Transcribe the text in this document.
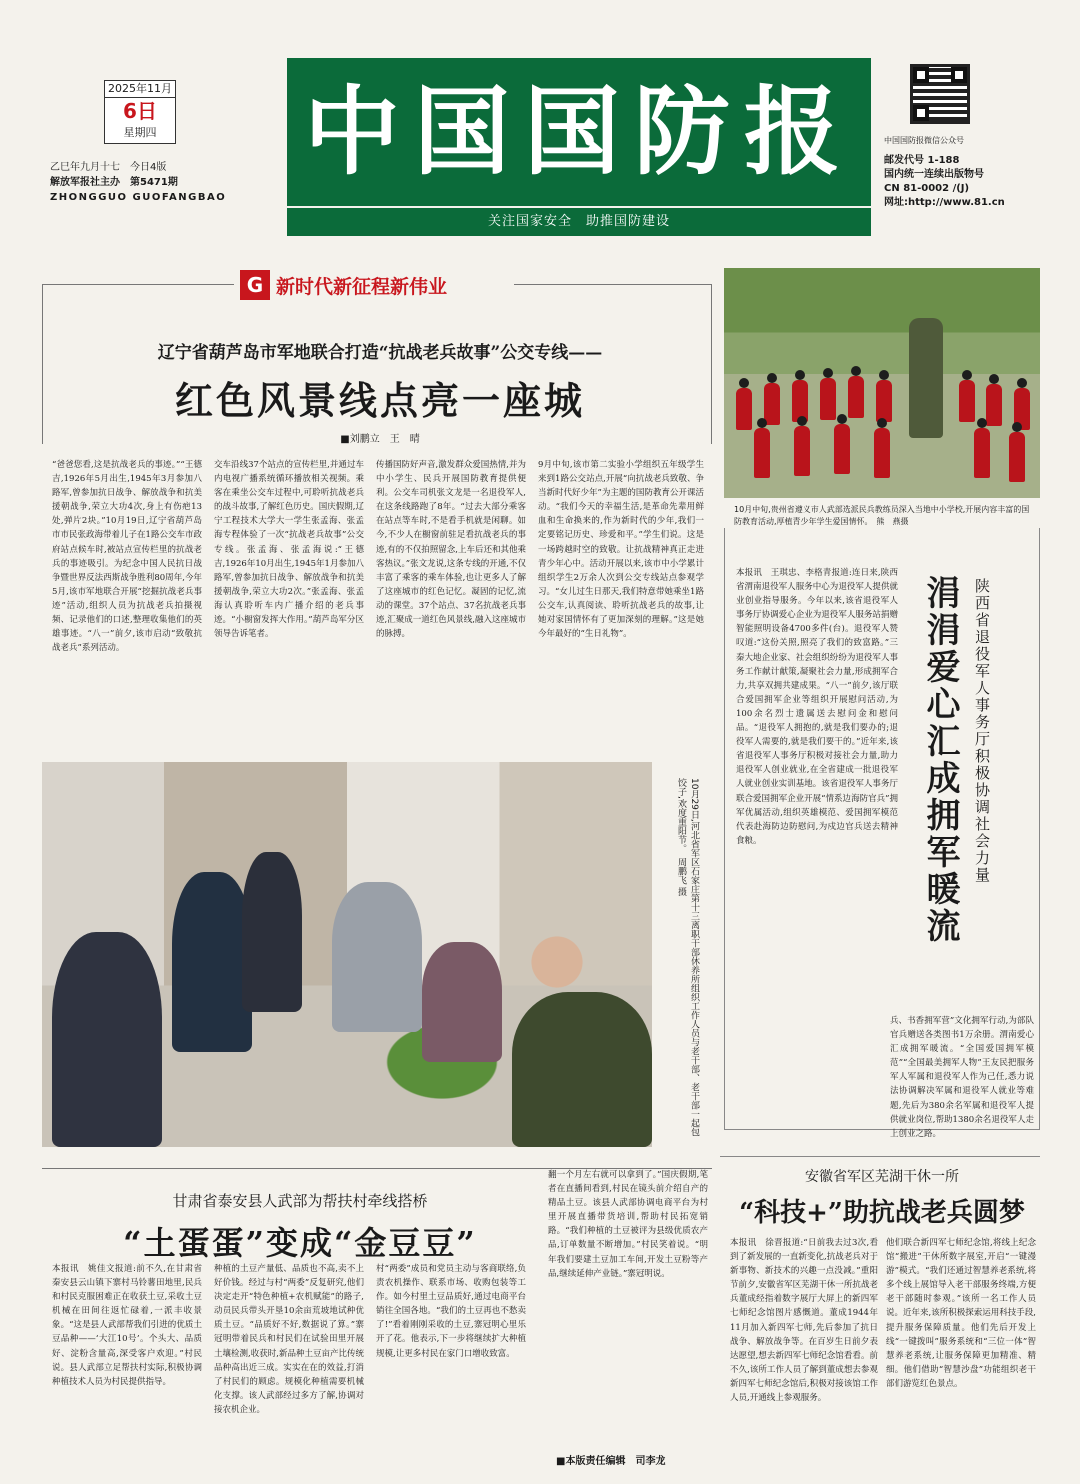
2025年11月
6日
星期四
乙巳年九月十七　今日4版
解放军报社主办　第5471期
ZHONGGUO GUOFANGBAO
中国国防报
关注国家安全　助推国防建设
中国国防报微信公众号
邮发代号 1-188
国内统一连续出版物号
CN 81-0002 /(J)
网址:http://www.81.cn
G 新时代新征程新伟业
辽宁省葫芦岛市军地联合打造“抗战老兵故事”公交专线——
红色风景线点亮一座城
■刘鹏立　王　晴
“爸爸您看,这是抗战老兵的事迹。”“王德吉,1926年5月出生,1945年3月参加八路军,曾参加抗日战争、解放战争和抗美援朝战争,荣立大功4次,身上有伤疤13处,弹片2块。”10月19日,辽宁省葫芦岛市市民张政海带着儿子在1路公交车市政府站点候车时,被站点宣传栏里的抗战老兵的事迹吸引。为纪念中国人民抗日战争暨世界反法西斯战争胜利80周年,今年5月,该市军地联合开展“挖掘抗战老兵事迹”活动,组织人员为抗战老兵拍摄视频、记录他们的口述,整理收集他们的英雄事迹。“八一”前夕,该市启动“致敬抗战老兵”系列活动。
交车沿线37个站点的宣传栏里,并通过车内电视广播系统循环播放相关视频。乘客在乘坐公交车过程中,可聆听抗战老兵的战斗故事,了解红色历史。国庆假期,辽宁工程技术大学大一学生张孟海、张孟海专程体验了一次“抗战老兵故事”公交专线。张孟海、张孟海说:“王德吉,1926年10月出生,1945年1月参加八路军,曾参加抗日战争、解放战争和抗美援朝战争,荣立大功2次。”张孟海、张孟海认真聆听车内广播介绍的老兵事迹。“小橱窗发挥大作用。”葫芦岛军分区领导告诉笔者。
传播国防好声音,激发群众爱国热情,并为中小学生、民兵开展国防教育提供便利。公交车司机张文龙是一名退役军人,在这条线路跑了8年。“过去大部分乘客在站点等车时,不是看手机就是闲聊。如今,不少人在橱窗前驻足看抗战老兵的事迹,有的不仅拍照留念,上车后还和其他乘客热议。”张文龙说,这条专线的开通,不仅丰富了乘客的乘车体验,也让更多人了解了这座城市的红色记忆。凝固的记忆,流动的课堂。37个站点、37名抗战老兵事迹,汇聚成一道红色风景线,融入这座城市的脉搏。
9月中旬,该市第二实验小学组织五年级学生来到1路公交站点,开展“向抗战老兵致敬、争当新时代好少年”为主题的国防教育公开课活动。“我们今天的幸福生活,是革命先辈用鲜血和生命换来的,作为新时代的少年,我们一定要铭记历史、珍爱和平。”学生们说。这是一场跨越时空的致敬。让抗战精神真正走进青少年心中。活动开展以来,该市中小学累计组织学生2万余人次到公交专线站点参观学习。“女儿过生日那天,我们特意带她乘坐1路公交车,认真阅读、聆听抗战老兵的故事,让她对家国情怀有了更加深刻的理解。”这是她今年最好的“生日礼物”。
10月29日,河北省军区石家庄第十三离职干部休养所组织工作人员与老干部、老干部一起包饺子,欢度重阳节。　周鹏飞 摄
10月中旬,贵州省遵义市人武部选派民兵教练员深入当地中小学校,开展内容丰富的国防教育活动,厚植青少年学生爱国情怀。　熊　燕摄
本报讯　王琪忠、李格青报道:连日来,陕西省渭南退役军人服务中心为退役军人提供就业创业指导服务。今年以来,该省退役军人事务厅协调爱心企业为退役军人服务站捐赠智能照明设备4700多件(台)。退役军人赞叹道:“这份关照,照亮了我们的致富路。”三秦大地企业家、社会组织纷纷为退役军人事务工作献计献策,凝聚社会力量,形成拥军合力,共享双拥共建成果。“八一”前夕,该厅联合爱国拥军企业等组织开展慰问活动,为100余名烈士遗属送去慰问金和慰问品。“退役军人拥抱的,就是我们要办的;退役军人需要的,就是我们要干的。”近年来,该省退役军人事务厅积极对接社会力量,助力退役军人创业就业,在全省建成一批退役军人就业创业实训基地。该省退役军人事务厅联合爱国拥军企业开展“情系边海防官兵”拥军优属活动,组织英雄模范、爱国拥军模范代表赴海防边防慰问,为戍边官兵送去精神食粮。	涓涓爱心汇成拥军暖流 陕西省退役军人事务厅积极协调社会力量
兵、书香拥军营”文化拥军行动,为部队官兵赠送各类图书1万余册。渭南爱心汇成拥军暖流。“全国爱国拥军模范”“全国最美拥军人物”王友民把服务军人军属和退役军人作为己任,悉力说法协调解决军属和退役军人就业等难题,先后为380余名军属和退役军人提供就业岗位,帮助1380余名退役军人走上创业之路。
甘肃省泰安县人武部为帮扶村牵线搭桥
“土蛋蛋”变成“金豆豆”
本报讯　姚佳文报道:前不久,在甘肃省秦安县云山镇下寨村马铃薯田地里,民兵和村民克服困难正在收获土豆,采收土豆机械在田间往返忙碌着,一派丰收景象。“这是县人武部帮我们引进的优质土豆品种——‘大江10号’。个头大、品质好、淀粉含量高,深受客户欢迎。”村民说。县人武部立足帮扶村实际,积极协调种植技术人员为村民提供指导。
种植的土豆产量低、品质也不高,卖不上好价钱。经过与村“两委”反复研究,他们决定走开“特色种植+农机赋能”的路子,动员民兵带头开垦10余亩荒坡地试种优质土豆。“品质好不好,数据说了算。”寨冠明带着民兵和村民们在试验田里开展土壤检测,收获时,新品种土豆亩产比传统品种高出近三成。实实在在的效益,打消了村民们的顾虑。规模化种植需要机械化支撑。该人武部经过多方了解,协调对接农机企业。
村“两委”成员和党员主动与客商联络,负责农机操作、联系市场、收购包装等工作。如今村里土豆品质好,通过电商平台销往全国各地。“我们的土豆再也不愁卖了!”看着刚刚采收的土豆,寨冠明心里乐开了花。他表示,下一步将继续扩大种植规模,让更多村民在家门口增收致富。
翻一个月左右就可以拿到了。”国庆假期,笔者在直播间看到,村民在镜头前介绍自产的精品土豆。该县人武部协调电商平台为村里开展直播带货培训,帮助村民拓宽销路。“我们种植的土豆被评为县级优质农产品,订单数量不断增加。”村民笑着说。“明年我们要建土豆加工车间,开发土豆粉等产品,继续延伸产业链。”寨冠明说。
■本版责任编辑　司李龙
安徽省军区芜湖干休一所
“科技+”助抗战老兵圆梦
本报讯　徐晋报道:“日前我去过3次,看到了新发展的一直新变化,抗战老兵对于新事物、新技术的兴趣一点没减。”重阳节前夕,安徽省军区芜湖干休一所抗战老兵董成经指着数字展厅大屏上的新四军七师纪念馆图片感慨道。董成1944年11月加入新四军七师,先后参加了抗日战争、解放战争等。在百岁生日前夕表达愿望,想去新四军七师纪念馆看看。前不久,该所工作人员了解到董成想去参观新四军七师纪念馆后,积极对接该馆工作人员,开通线上参观服务。
他们联合新四军七师纪念馆,将线上纪念馆“搬进”干休所数字展室,开启“一键漫游”模式。“我们还通过智慧养老系统,将多个线上展馆导入老干部服务终端,方便老干部随时参观。”该所一名工作人员说。近年来,该所积极探索运用科技手段,提升服务保障质量。他们先后开发上线“一键拨叫”服务系统和“三位一体”智慧养老系统,让服务保障更加精准、精细。他们借助“智慧沙盘”功能组织老干部们游览红色景点。
